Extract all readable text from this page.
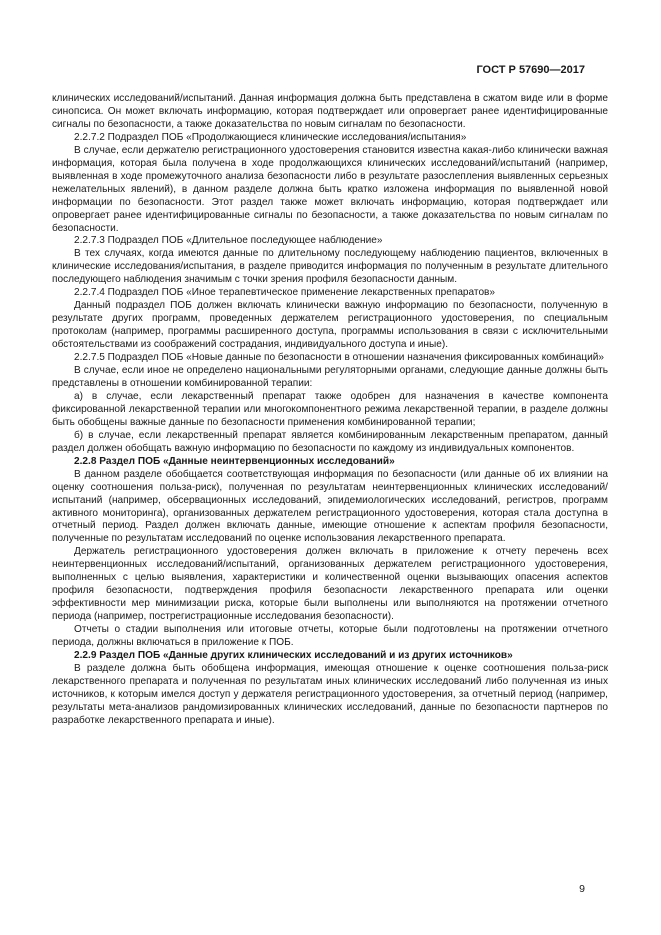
ГОСТ Р 57690—2017

клинических исследований/испытаний. Данная информация должна быть представлена в сжатом виде или в форме синопсиса. Он может включать информацию, которая подтверждает или опровергает ранее идентифицированные сигналы по безопасности, а также доказательства по новым сигналам по безопасности.

2.2.7.2 Подраздел ПОБ «Продолжающиеся клинические исследования/испытания»

В случае, если держателю регистрационного удостоверения становится известна какая-либо клинически важная информация, которая была получена в ходе продолжающихся клинических исследований/испытаний (например, выявленная в ходе промежуточного анализа безопасности либо в результате разослепления выявленных серьезных нежелательных явлений), в данном разделе должна быть кратко изложена информация по выявленной новой информации по безопасности. Этот раздел также может включать информацию, которая подтверждает или опровергает ранее идентифицированные сигналы по безопасности, а также доказательства по новым сигналам по безопасности.

2.2.7.3 Подраздел ПОБ «Длительное последующее наблюдение»

В тех случаях, когда имеются данные по длительному последующему наблюдению пациентов, включенных в клинические исследования/испытания, в разделе приводится информация по полученным в результате длительного последующего наблюдения значимым с точки зрения профиля безопасности данным.

2.2.7.4 Подраздел ПОБ «Иное терапевтическое применение лекарственных препаратов»

Данный подраздел ПОБ должен включать клинически важную информацию по безопасности, полученную в результате других программ, проведенных держателем регистрационного удостоверения, по специальным протоколам (например, программы расширенного доступа, программы использования в связи с исключительными обстоятельствами из соображений сострадания, индивидуального доступа и иные).

2.2.7.5 Подраздел ПОБ «Новые данные по безопасности в отношении назначения фиксированных комбинаций»

В случае, если иное не определено национальными регуляторными органами, следующие данные должны быть представлены в отношении комбинированной терапии:

а) в случае, если лекарственный препарат также одобрен для назначения в качестве компонента фиксированной лекарственной терапии или многокомпонентного режима лекарственной терапии, в разделе должны быть обобщены важные данные по безопасности применения комбинированной терапии;

б) в случае, если лекарственный препарат является комбинированным лекарственным препаратом, данный раздел должен обобщать важную информацию по безопасности по каждому из индивидуальных компонентов.

2.2.8 Раздел ПОБ «Данные неинтервенционных исследований»

В данном разделе обобщается соответствующая информация по безопасности (или данные об их влиянии на оценку соотношения польза-риск), полученная по результатам неинтервенционных клинических исследований/испытаний (например, обсервационных исследований, эпидемиологических исследований, регистров, программ активного мониторинга), организованных держателем регистрационного удостоверения, которая стала доступна в отчетный период. Раздел должен включать данные, имеющие отношение к аспектам профиля безопасности, полученные по результатам исследований по оценке использования лекарственного препарата.

Держатель регистрационного удостоверения должен включать в приложение к отчету перечень всех неинтервенционных исследований/испытаний, организованных держателем регистрационного удостоверения, выполненных с целью выявления, характеристики и количественной оценки вызывающих опасения аспектов профиля безопасности, подтверждения профиля безопасности лекарственного препарата или оценки эффективности мер минимизации риска, которые были выполнены или выполняются на протяжении отчетного периода (например, пострегистрационные исследования безопасности).

Отчеты о стадии выполнения или итоговые отчеты, которые были подготовлены на протяжении отчетного периода, должны включаться в приложение к ПОБ.

2.2.9 Раздел ПОБ «Данные других клинических исследований и из других источников»

В разделе должна быть обобщена информация, имеющая отношение к оценке соотношения польза-риск лекарственного препарата и полученная по результатам иных клинических исследований либо полученная из иных источников, к которым имелся доступ у держателя регистрационного удостоверения, за отчетный период (например, результаты мета-анализов рандомизированных клинических исследований, данные по безопасности партнеров по разработке лекарственного препарата и иные).

9
